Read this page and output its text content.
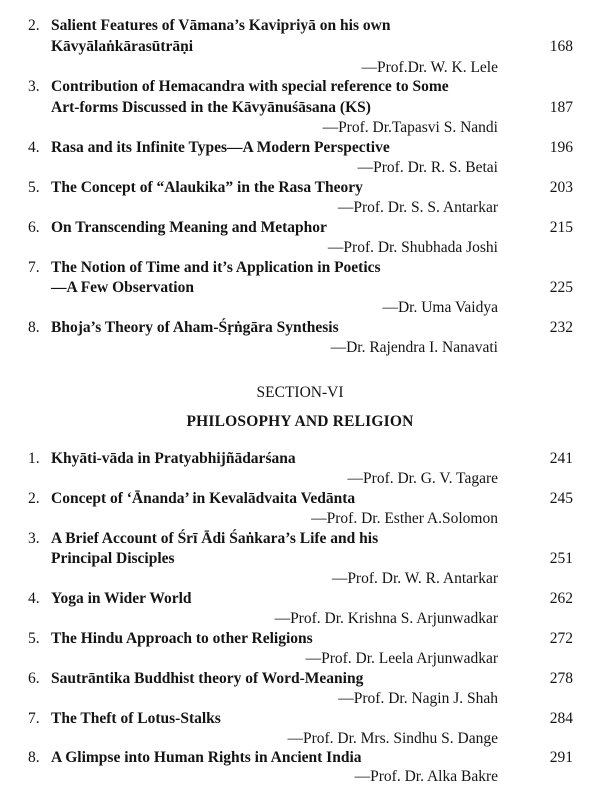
2. Salient Features of Vāmana’s Kavipriyā on his own
Kāvyālaṅkārasūtrāṇi	168
—Prof.Dr. W. K. Lele
3. Contribution of Hemacandra with special reference to Some
Art-forms Discussed in the Kāvyānuśāsana (KS)	187
—Prof. Dr.Tapasvi S. Nandi
4. Rasa and its Infinite Types—A Modern Perspective	196
—Prof. Dr. R. S. Betai
5. The Concept of “Alaukika” in the Rasa Theory	203
—Prof. Dr. S. S. Antarkar
6. On Transcending Meaning and Metaphor	215
—Prof. Dr. Shubhada Joshi
7. The Notion of Time and it’s Application in Poetics
—A Few Observation	225
—Dr. Uma Vaidya
8. Bhoja’s Theory of Aham-Śṛṅgāra Synthesis	232
—Dr. Rajendra I. Nanavati
SECTION-VI
PHILOSOPHY AND RELIGION
1. Khyāti-vāda in Pratyabhijñādarśana	241
—Prof. Dr. G. V. Tagare
2. Concept of ‘Ānanda’ in Kevalādvaita Vedānta	245
—Prof. Dr. Esther A.Solomon
3. A Brief Account of Śrī Ādi Śaṅkara’s Life and his
Principal Disciples	251
—Prof. Dr. W. R. Antarkar
4. Yoga in Wider World	262
—Prof. Dr. Krishna S. Arjunwadkar
5. The Hindu Approach to other Religions	272
—Prof. Dr. Leela Arjunwadkar
6. Sautrāntika Buddhist theory of Word-Meaning	278
—Prof. Dr. Nagin J. Shah
7. The Theft of Lotus-Stalks	284
—Prof. Dr. Mrs. Sindhu S. Dange
8. A Glimpse into Human Rights in Ancient India	291
—Prof. Dr. Alka Bakre
